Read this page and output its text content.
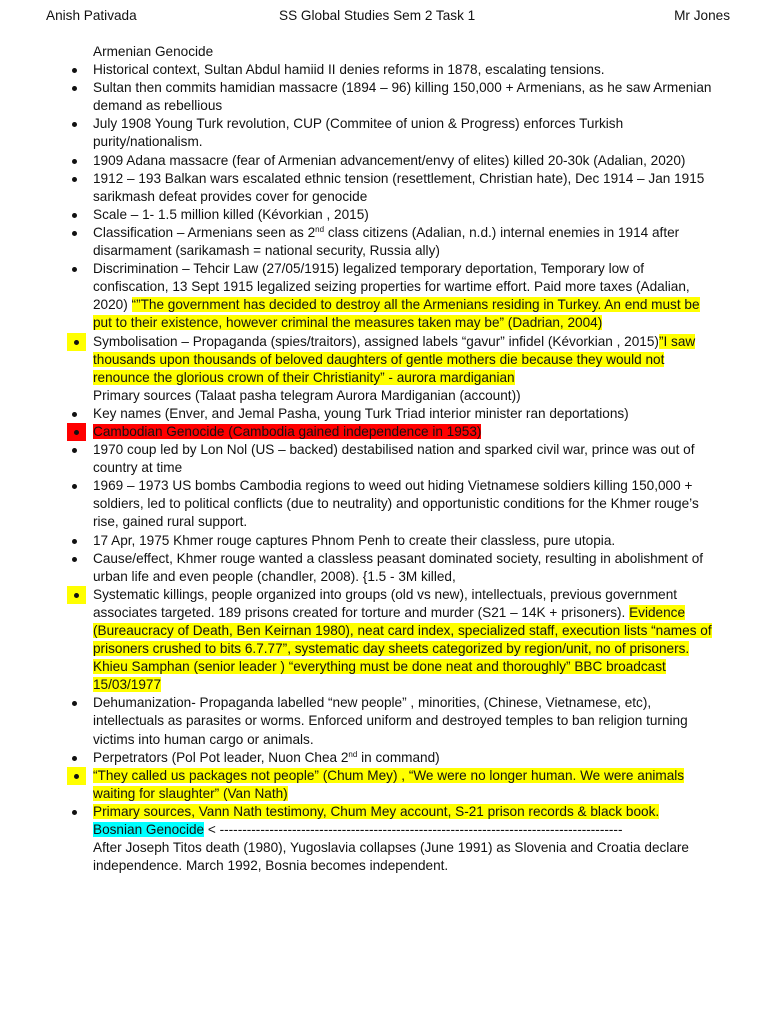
Anish Pativada	SS Global Studies Sem 2 Task 1	Mr Jones
Armenian Genocide
Historical context, Sultan Abdul hamiid II denies reforms in 1878, escalating tensions.
Sultan then commits hamidian massacre (1894 – 96) killing 150,000 + Armenians, as he saw Armenian demand as rebellious
July 1908 Young Turk revolution, CUP (Commitee of union & Progress) enforces Turkish purity/nationalism.
1909 Adana massacre (fear of Armenian advancement/envy of elites) killed 20-30k (Adalian, 2020)
1912 – 193 Balkan wars escalated ethnic tension (resettlement, Christian hate), Dec 1914 – Jan 1915 sarikmash defeat provides cover for genocide
Scale – 1- 1.5 million killed (Kévorkian , 2015)
Classification – Armenians seen as 2nd class citizens (Adalian, n.d.) internal enemies in 1914 after disarmament (sarikamash = national security, Russia ally)
Discrimination – Tehcir Law (27/05/1915) legalized temporary deportation, Temporary low of confiscation, 13 Sept 1915 legalized seizing properties for wartime effort. Paid more taxes (Adalian, 2020) “”The government has decided to destroy all the Armenians residing in Turkey. An end must be put to their existence, however criminal the measures taken may be” (Dadrian, 2004)
Symbolisation – Propaganda (spies/traitors), assigned labels “gavur” infidel (Kévorkian , 2015)”I saw thousands upon thousands of beloved daughters of gentle mothers die because they would not renounce the glorious crown of their Christianity” - aurora mardiganian
Primary sources (Talaat pasha telegram Aurora Mardiganian (account))
Key names (Enver, and Jemal Pasha, young Turk Triad interior minister ran deportations)
Cambodian Genocide (Cambodia gained independence in 1953)
1970 coup led by Lon Nol (US – backed) destabilised nation and sparked civil war, prince was out of country at time
1969 – 1973 US bombs Cambodia regions to weed out hiding Vietnamese soldiers killing 150,000 + soldiers, led to political conflicts (due to neutrality) and opportunistic conditions for the Khmer rouge’s rise, gained rural support.
17 Apr, 1975 Khmer rouge captures Phnom Penh to create their classless, pure utopia.
Cause/effect, Khmer rouge wanted a classless peasant dominated society, resulting in abolishment of urban life and even people (chandler, 2008). {1.5 - 3M killed,
Systematic killings, people organized into groups (old vs new), intellectuals, previous government associates targeted. 189 prisons created for torture and murder (S21 – 14K + prisoners). Evidence (Bureaucracy of Death, Ben Keirnan 1980), neat card index, specialized staff, execution lists “names of prisoners crushed to bits 6.7.77”, systematic day sheets categorized by region/unit, no of prisoners. Khieu Samphan (senior leader ) “everything must be done neat and thoroughly” BBC broadcast 15/03/1977
Dehumanization- Propaganda labelled “new people” , minorities, (Chinese, Vietnamese, etc), intellectuals as parasites or worms. Enforced uniform and destroyed temples to ban religion turning victims into human cargo or animals.
Perpetrators (Pol Pot leader, Nuon Chea 2nd in command)
“They called us packages not people” (Chum Mey) , “We were no longer human. We were animals waiting for slaughter” (Van Nath)
Primary sources, Vann Nath testimony, Chum Mey account, S-21 prison records & black book.
Bosnian Genocide < -----------------------------------------------------------------------------------------
After Joseph Titos death (1980), Yugoslavia collapses (June 1991) as Slovenia and Croatia declare independence. March 1992, Bosnia becomes independent.
